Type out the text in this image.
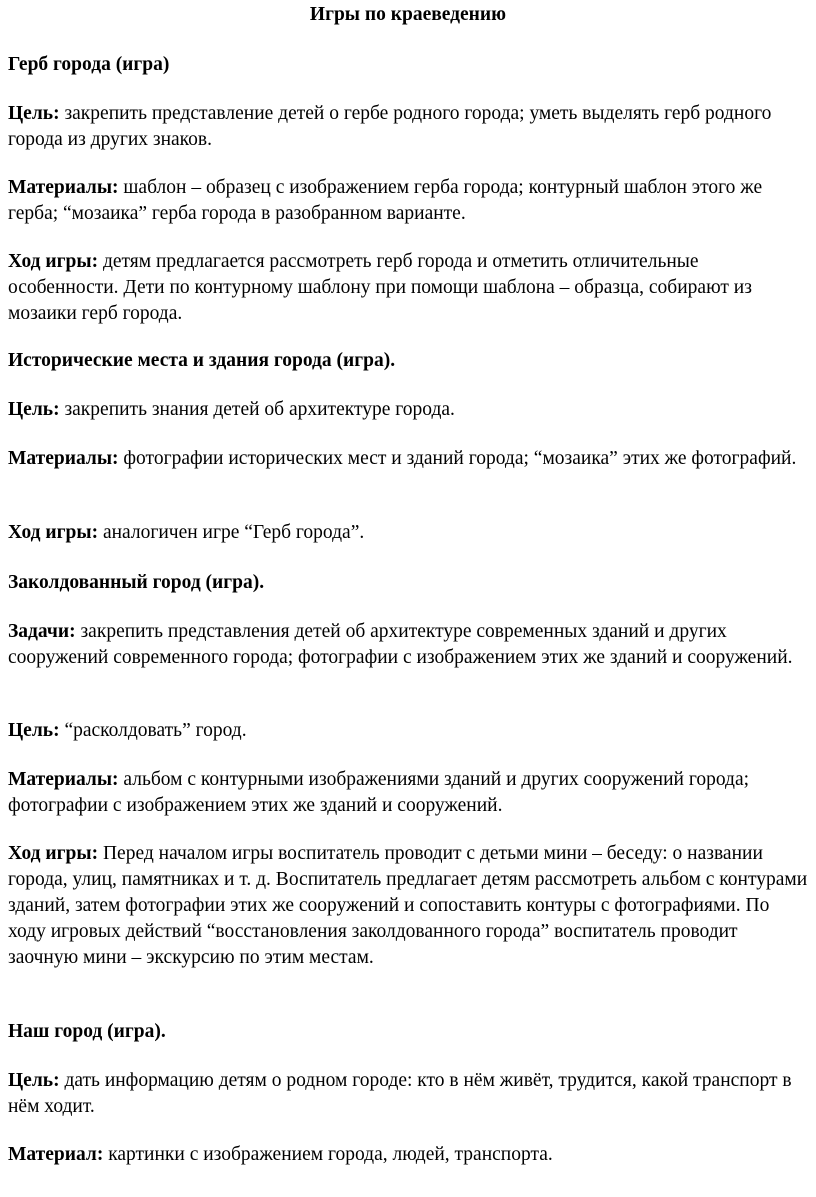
Игры по краеведению

Герб города (игра)

Цель: закрепить представление детей о гербе родного города; уметь выделять герб родного города из других знаков.

Материалы: шаблон – образец с изображением герба города; контурный шаблон этого же герба; “мозаика” герба города в разобранном варианте.

Ход игры: детям предлагается рассмотреть герб города и отметить отличительные особенности. Дети по контурному шаблону при помощи шаблона – образца, собирают из мозаики герб города.

Исторические места и здания города (игра).

Цель: закрепить знания детей об архитектуре города.

Материалы: фотографии исторических мест и зданий города; “мозаика” этих же фотографий.

Ход игры: аналогичен игре “Герб города”.

Заколдованный город (игра).

Задачи: закрепить представления детей об архитектуре современных зданий и других сооружений современного города; фотографии с изображением этих же зданий и сооружений.

Цель: “расколдовать” город.

Материалы: альбом с контурными изображениями зданий и других сооружений города; фотографии с изображением этих же зданий и сооружений.

Ход игры: Перед началом игры воспитатель проводит с детьми мини – беседу: о названии города, улиц, памятниках и т. д. Воспитатель предлагает детям рассмотреть альбом с контурами зданий, затем фотографии этих же сооружений и сопоставить контуры с фотографиями. По ходу игровых действий “восстановления заколдованного города” воспитатель проводит заочную мини – экскурсию по этим местам.

Наш город (игра).

Цель: дать информацию детям о родном городе: кто в нём живёт, трудится, какой транспорт в нём ходит.

Материал: картинки с изображением города, людей, транспорта.
